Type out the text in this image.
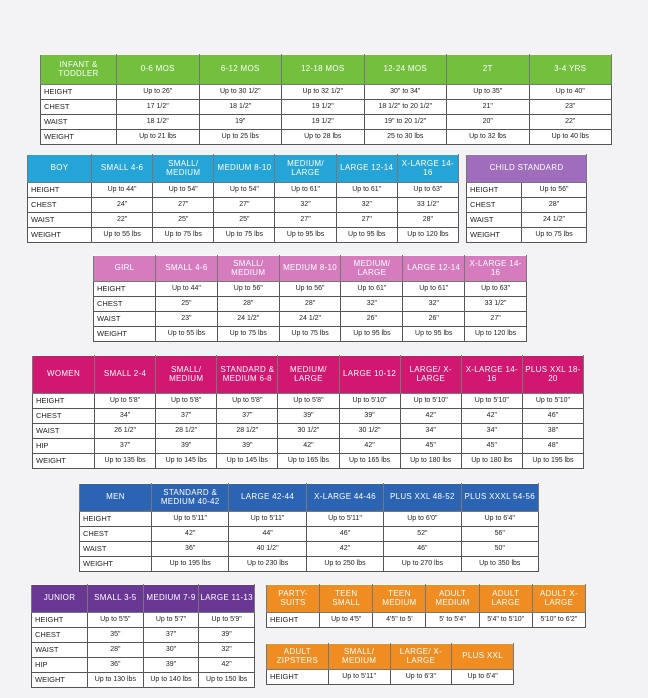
INFANT & TODDLER	0-6 MOS	6-12 MOS	12-18 MOS	12-24 MOS	2T	3-4 YRS
HEIGHT	Up to 26"	Up to 30 1/2"	Up to 32 1/2"	30" to 34"	Up to 35"	Up to 40"
CHEST	17 1/2"	18 1/2"	19 1/2"	18 1/2" to 20 1/2"	21"	23"
WAIST	18 1/2"	19"	19 1/2"	19" to 20 1/2"	20"	22"
WEIGHT	Up to 21 lbs	Up to 25 lbs	Up to 28 lbs	25 to 30 lbs	Up to 32 lbs	Up to 40 lbs
BOY	SMALL 4-6	SMALL/ MEDIUM	MEDIUM 8-10	MEDIUM/ LARGE	LARGE 12-14	X-LARGE 14-16
HEIGHT	Up to 44"	Up to 54"	Up to 54"	Up to 61"	Up to 61"	Up to 63"
CHEST	24"	27"	27"	32"	32"	33 1/2"
WAIST	22"	25"	25"	27"	27"	28"
WEIGHT	Up to 55 lbs	Up to 75 lbs	Up to 75 lbs	Up to 95 lbs	Up to 95 lbs	Up to 120 lbs
CHILD STANDARD	
HEIGHT	Up to 56"
CHEST	28"
WAIST	24 1/2"
WEIGHT	Up to 75 lbs
GIRL	SMALL 4-6	SMALL/ MEDIUM	MEDIUM 8-10	MEDIUM/ LARGE	LARGE 12-14	X-LARGE 14-16
HEIGHT	Up to 44"	Up to 56"	Up to 56"	Up to 61"	Up to 61"	Up to 63"
CHEST	25"	28"	28"	32"	32"	33 1/2"
WAIST	23"	24 1/2"	24 1/2"	26"	26"	27"
WEIGHT	Up to 55 lbs	Up to 75 lbs	Up to 75 lbs	Up to 95 lbs	Up to 95 lbs	Up to 120 lbs
WOMEN	SMALL 2-4	SMALL/ MEDIUM	STANDARD & MEDIUM 6-8	MEDIUM/ LARGE	LARGE 10-12	LARGE/ X-LARGE	X-LARGE 14-16	PLUS XXL 18-20
HEIGHT	Up to 5'8"	Up to 5'8"	Up to 5'8"	Up to 5'8"	Up to 5'10"	Up to 5'10"	Up to 5'10"	Up to 5'10"
CHEST	34"	37"	37"	39"	39"	42"	42"	46"
WAIST	26 1/2"	28 1/2"	28 1/2"	30 1/2"	30 1/2"	34"	34"	38"
HIP	37"	39"	39"	42"	42"	45"	45"	48"
WEIGHT	Up to 135 lbs	Up to 145 lbs	Up to 145 lbs	Up to 165 lbs	Up to 165 lbs	Up to 180 lbs	Up to 180 lbs	Up to 195 lbs
MEN	STANDARD & MEDIUM 40-42	LARGE 42-44	X-LARGE 44-46	PLUS XXL 48-52	PLUS XXXL 54-56
HEIGHT	Up to 5'11"	Up to 5'11"	Up to 5'11"	Up to 6'0"	Up to 6'4"
CHEST	42"	44"	46"	52"	56"
WAIST	36"	40 1/2"	42"	46"	50"
WEIGHT	Up to 195 lbs	Up to 230 lbs	Up to 250 lbs	Up to 270 lbs	Up to 350 lbs
JUNIOR	SMALL 3-5	MEDIUM 7-9	LARGE 11-13
HEIGHT	Up to 5'5"	Up to 5'7"	Up to 5'9"
CHEST	35"	37"	39"
WAIST	28"	30"	32"
HIP	36"	39"	42"
WEIGHT	Up to 130 lbs	Up to 140 lbs	Up to 150 lbs
PARTY-SUITS	TEEN SMALL	TEEN MEDIUM	ADULT MEDIUM	ADULT LARGE	ADULT X-LARGE
HEIGHT	Up to 4'5"	4'5" to 5'	5' to 5'4"	5'4" to 5'10"	5'10" to 6'2"
ADULT ZIPSTERS	SMALL/ MEDIUM	LARGE/ X-LARGE	PLUS XXL
HEIGHT	Up to 5'11"	Up to 6'3"	Up to 6'4"
